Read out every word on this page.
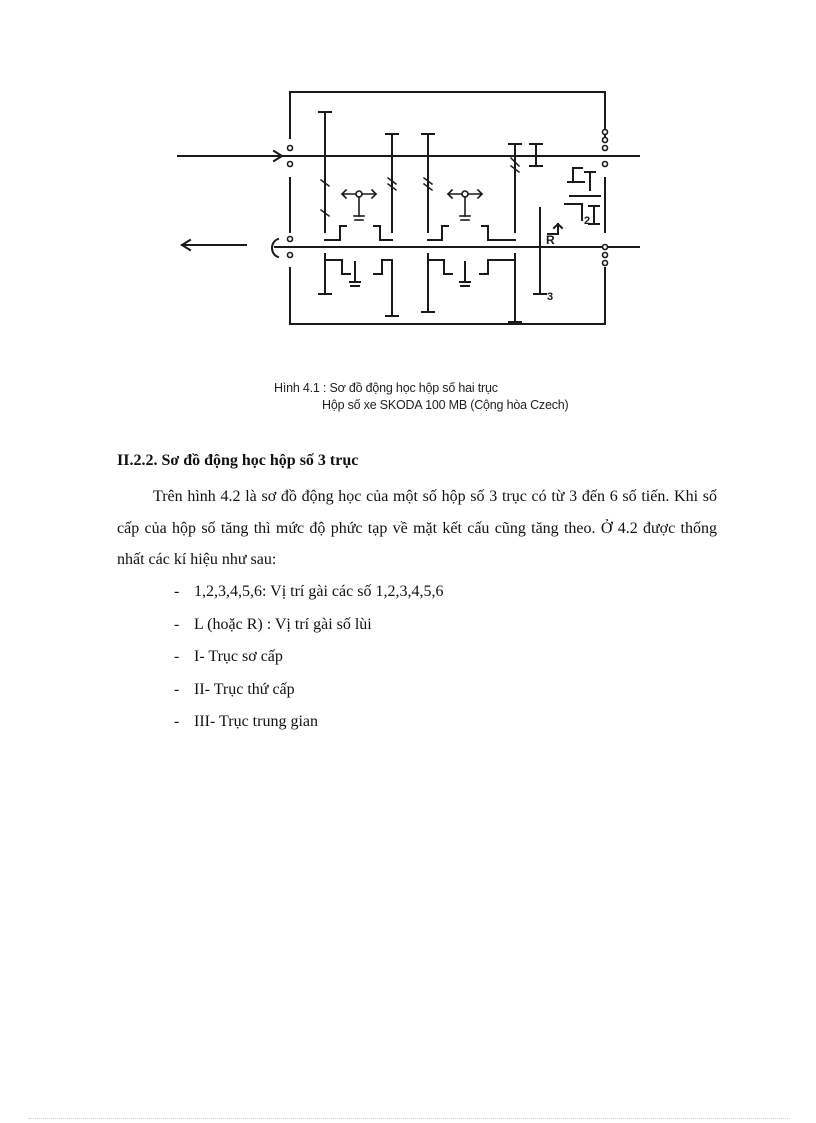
R
2
3
Hình 4.1 : Sơ đồ động học hộp số hai trục
Hộp số xe SKODA 100 MB (Cộng hòa Czech)
II.2.2. Sơ đồ động học hộp số 3 trục
Trên hình 4.2 là sơ đồ động học của một số hộp số 3 trục có từ 3 đến 6 số tiến. Khi số cấp của hộp số tăng thì mức độ phức tạp về mặt kết cấu cũng tăng theo. Ở 4.2 được thống nhất các kí hiệu như sau:
- 1,2,3,4,5,6: Vị trí gài các số 1,2,3,4,5,6
- L (hoặc R) : Vị trí gài số lùi
- I- Trục sơ cấp
- II- Trục thứ cấp
- III- Trục trung gian
